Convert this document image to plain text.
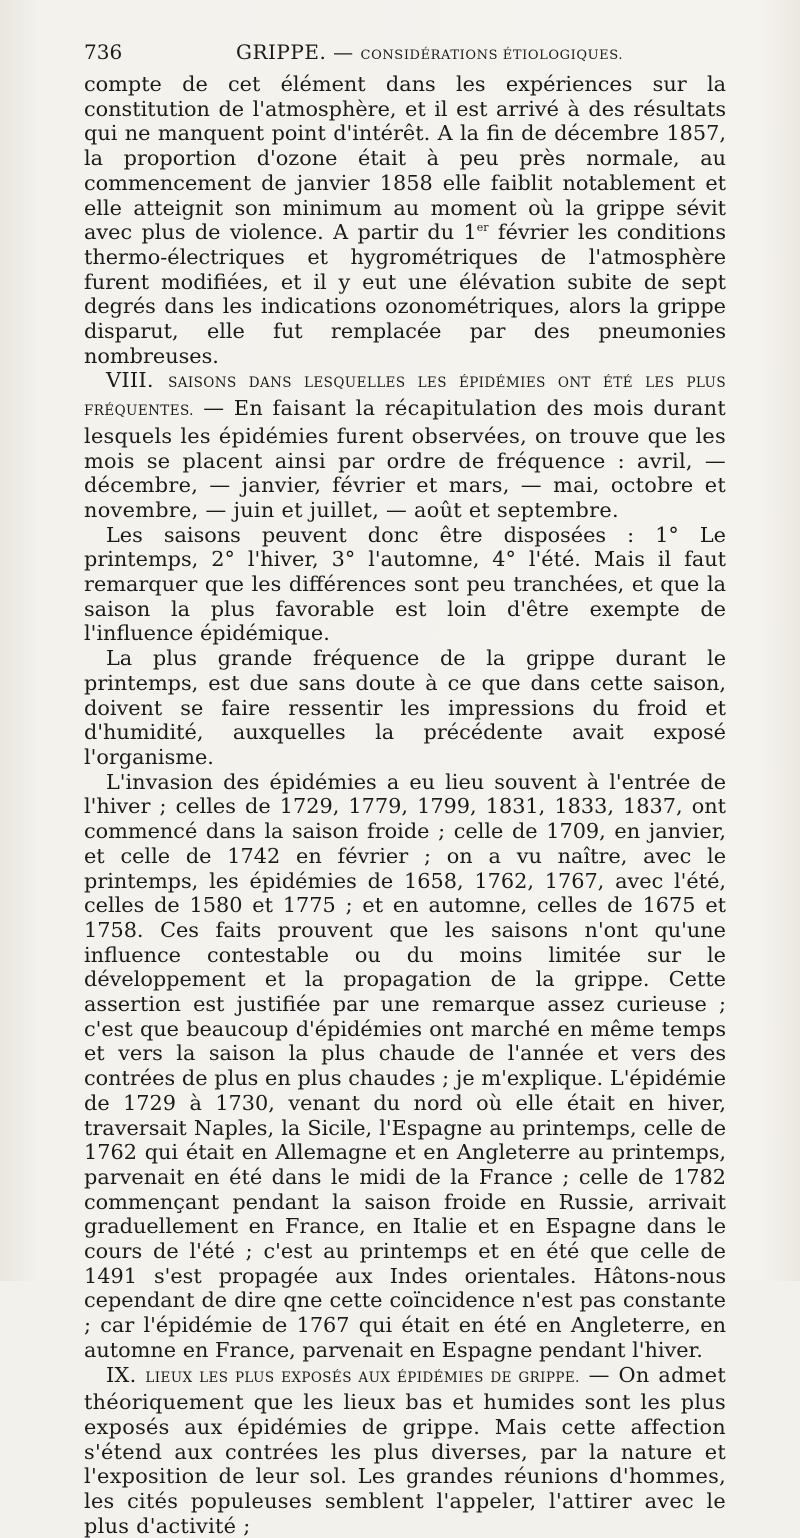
736	GRIPPE. — CONSIDÉRATIONS ÉTIOLOGIQUES.

compte de cet élément dans les expériences sur la constitution de l'atmosphère, et il est arrivé à des résultats qui ne manquent point d'intérêt. A la fin de décembre 1857, la proportion d'ozone était à peu près normale, au commencement de janvier 1858 elle faiblit notablement et elle atteignit son minimum au moment où la grippe sévit avec plus de violence. A partir du 1er février les conditions thermo-électriques et hygrométriques de l'atmosphère furent modifiées, et il y eut une élévation subite de sept degrés dans les indications ozonométriques, alors la grippe disparut, elle fut remplacée par des pneumonies nombreuses.

VIII. SAISONS DANS LESQUELLES LES ÉPIDÉMIES ONT ÉTÉ LES PLUS FRÉQUENTES. — En faisant la récapitulation des mois durant lesquels les épidémies furent observées, on trouve que les mois se placent ainsi par ordre de fréquence : avril, — décembre, — janvier, février et mars, — mai, octobre et novembre, — juin et juillet, — août et septembre.

Les saisons peuvent donc être disposées : 1° Le printemps, 2° l'hiver, 3° l'automne, 4° l'été. Mais il faut remarquer que les différences sont peu tranchées, et que la saison la plus favorable est loin d'être exempte de l'influence épidémique.

La plus grande fréquence de la grippe durant le printemps, est due sans doute à ce que dans cette saison, doivent se faire ressentir les impressions du froid et d'humidité, auxquelles la précédente avait exposé l'organisme.

L'invasion des épidémies a eu lieu souvent à l'entrée de l'hiver ; celles de 1729, 1779, 1799, 1831, 1833, 1837, ont commencé dans la saison froide ; celle de 1709, en janvier, et celle de 1742 en février ; on a vu naître, avec le printemps, les épidémies de 1658, 1762, 1767, avec l'été, celles de 1580 et 1775 ; et en automne, celles de 1675 et 1758. Ces faits prouvent que les saisons n'ont qu'une influence contestable ou du moins limitée sur le développement et la propagation de la grippe. Cette assertion est justifiée par une remarque assez curieuse ; c'est que beaucoup d'épidémies ont marché en même temps et vers la saison la plus chaude de l'année et vers des contrées de plus en plus chaudes ; je m'explique. L'épidémie de 1729 à 1730, venant du nord où elle était en hiver, traversait Naples, la Sicile, l'Espagne au printemps, celle de 1762 qui était en Allemagne et en Angleterre au printemps, parvenait en été dans le midi de la France ; celle de 1782 commençant pendant la saison froide en Russie, arrivait graduellement en France, en Italie et en Espagne dans le cours de l'été ; c'est au printemps et en été que celle de 1491 s'est propagée aux Indes orientales. Hâtons-nous cependant de dire qne cette coïncidence n'est pas constante ; car l'épidémie de 1767 qui était en été en Angleterre, en automne en France, parvenait en Espagne pendant l'hiver.

IX. LIEUX LES PLUS EXPOSÉS AUX ÉPIDÉMIES DE GRIPPE. — On admet théoriquement que les lieux bas et humides sont les plus exposés aux épidémies de grippe. Mais cette affection s'étend aux contrées les plus diverses, par la nature et l'exposition de leur sol. Les grandes réunions d'hommes, les cités populeuses semblent l'appeler, l'attirer avec le plus d'activité ;
